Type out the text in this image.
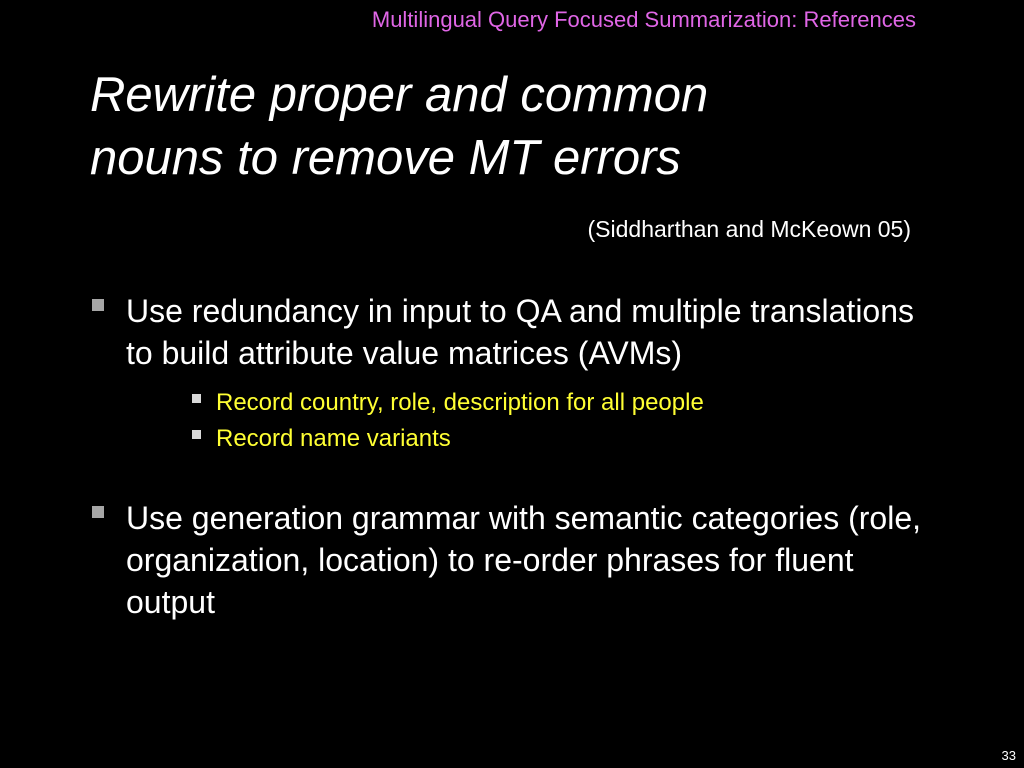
Multilingual Query Focused Summarization: References
Rewrite proper and common
nouns to remove MT errors
(Siddharthan and McKeown 05)
Use redundancy in input to QA and multiple translations to build attribute value matrices (AVMs)
Record country, role, description for all people
Record name variants
Use generation grammar with semantic categories (role, organization, location) to re-order phrases for fluent output
33
